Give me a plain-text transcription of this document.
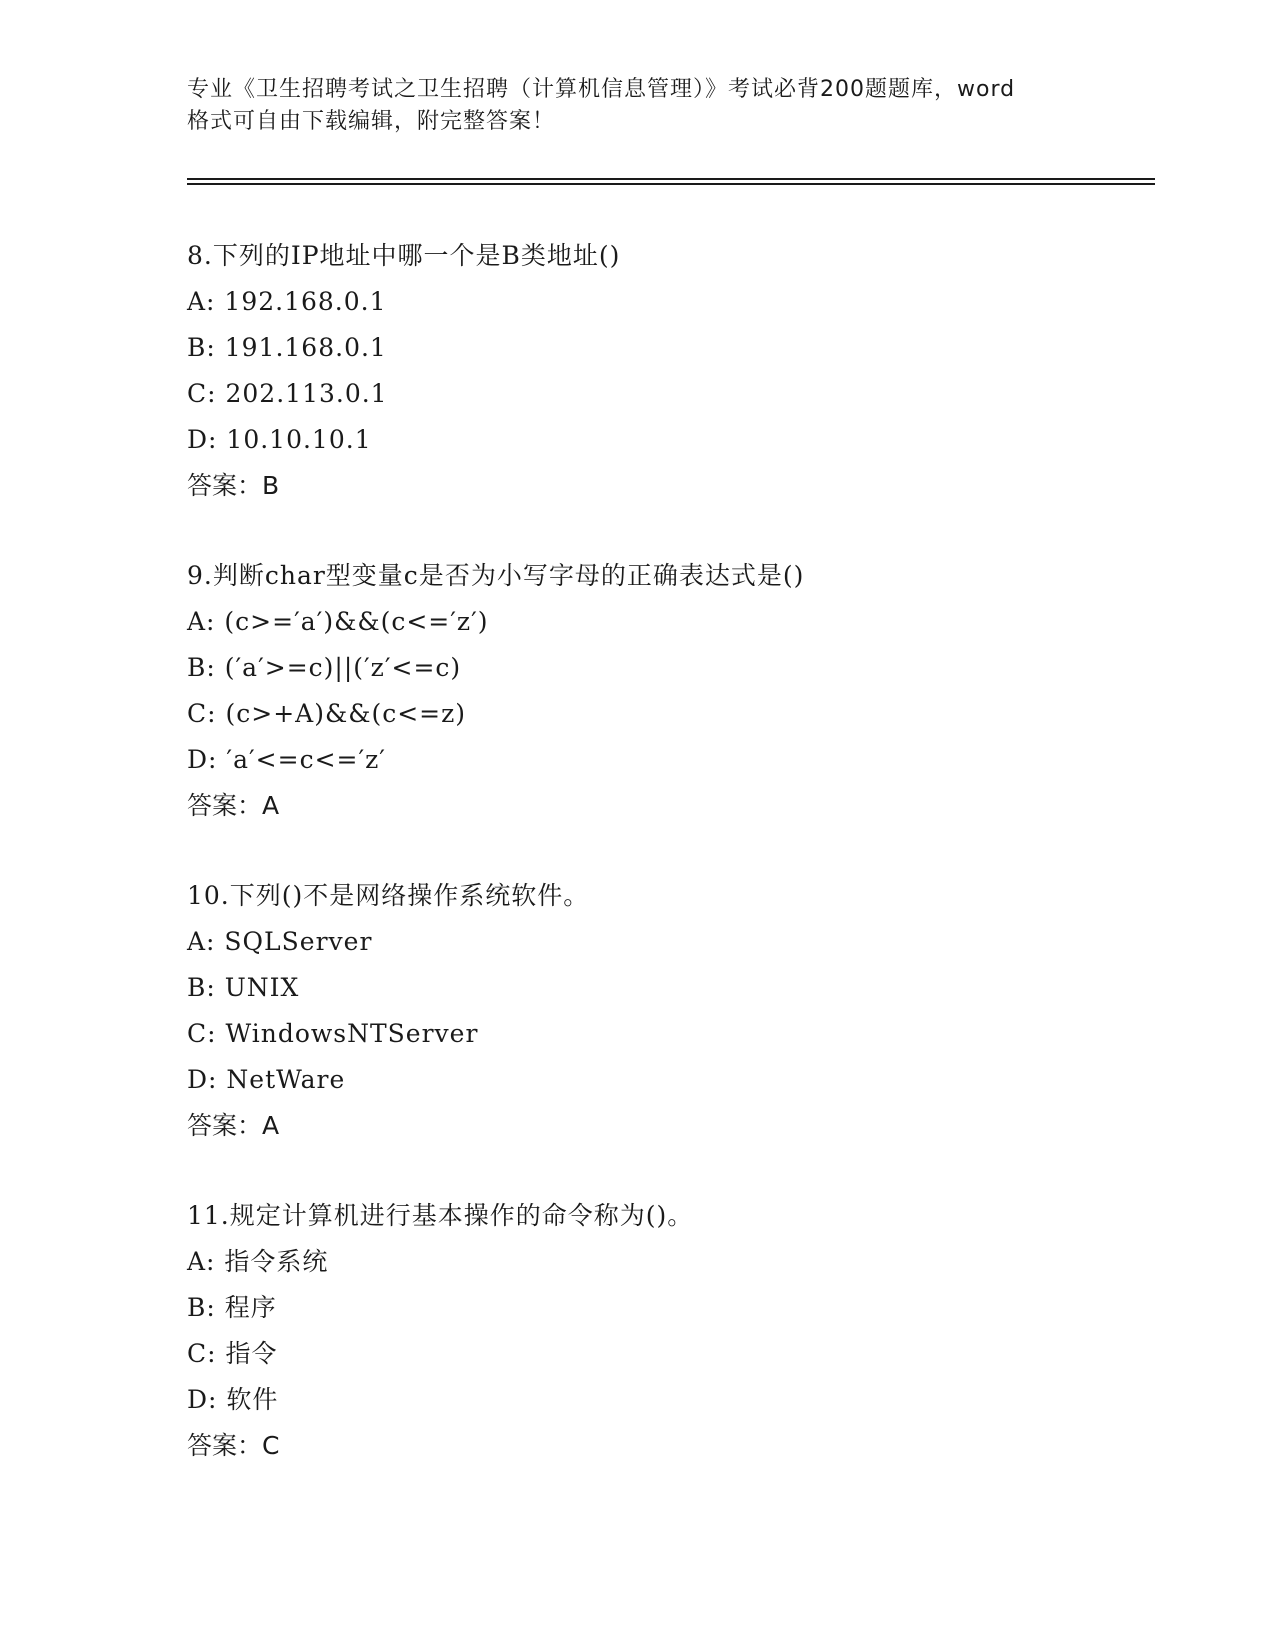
专业《卫生招聘考试之卫生招聘（计算机信息管理）》考试必背200题题库，word
格式可自由下载编辑，附完整答案！
8.下列的IP地址中哪一个是B类地址()
A: 192.168.0.1
B: 191.168.0.1
C: 202.113.0.1
D: 10.10.10.1
答案：B
9.判断char型变量c是否为小写字母的正确表达式是()
A: (c>=′a′)&&(c<=′z′)
B: (′a′>=c)||(′z′<=c)
C: (c>+A)&&(c<=z)
D: ′a′<=c<=′z′
答案：A
10.下列()不是网络操作系统软件。
A: SQLServer
B: UNIX
C: WindowsNTServer
D: NetWare
答案：A
11.规定计算机进行基本操作的命令称为()。
A: 指令系统
B: 程序
C: 指令
D: 软件
答案：C
